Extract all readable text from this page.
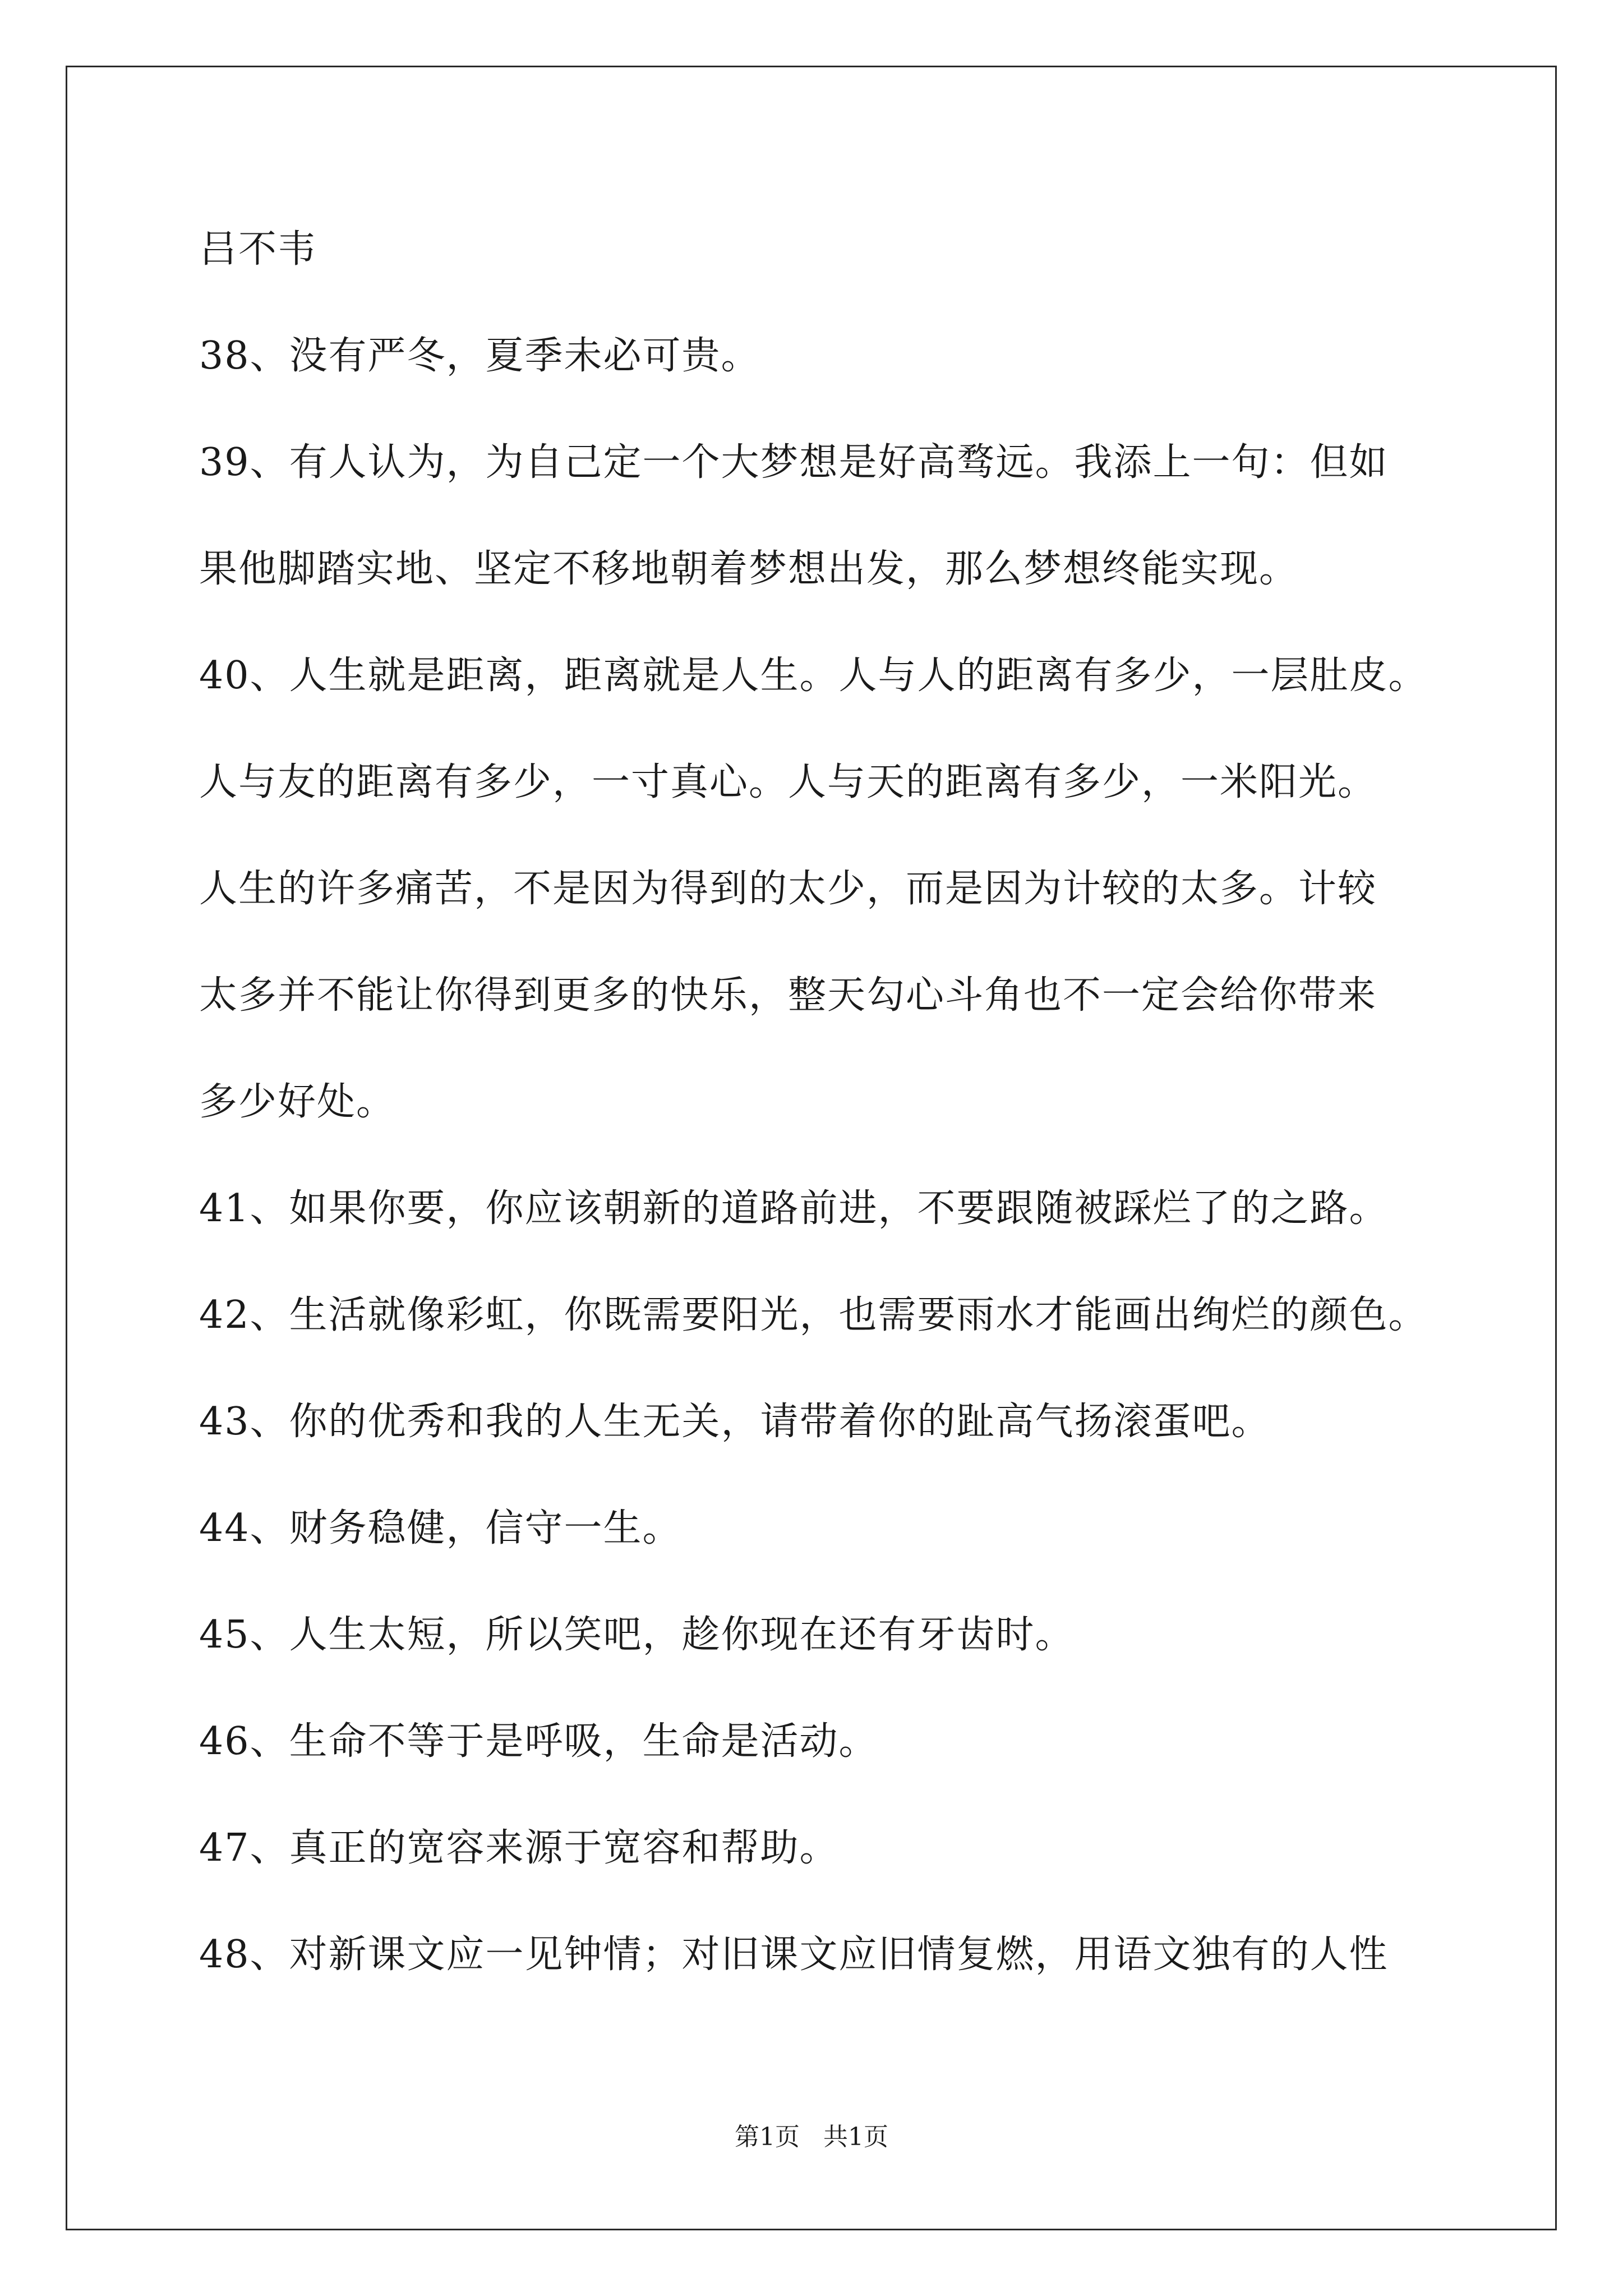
吕不韦
38、没有严冬，夏季未必可贵。
39、有人认为，为自己定一个大梦想是好高骛远。我添上一句：但如
果他脚踏实地、坚定不移地朝着梦想出发，那么梦想终能实现。
40、人生就是距离，距离就是人生。人与人的距离有多少，一层肚皮。
人与友的距离有多少，一寸真心。人与天的距离有多少，一米阳光。
人生的许多痛苦，不是因为得到的太少，而是因为计较的太多。计较
太多并不能让你得到更多的快乐，整天勾心斗角也不一定会给你带来
多少好处。
41、如果你要，你应该朝新的道路前进，不要跟随被踩烂了的之路。
42、生活就像彩虹，你既需要阳光，也需要雨水才能画出绚烂的颜色。
43、你的优秀和我的人生无关，请带着你的趾高气扬滚蛋吧。
44、财务稳健，信守一生。
45、人生太短，所以笑吧，趁你现在还有牙齿时。
46、生命不等于是呼吸，生命是活动。
47、真正的宽容来源于宽容和帮助。
48、对新课文应一见钟情；对旧课文应旧情复燃，用语文独有的人性
第1页   共1页
